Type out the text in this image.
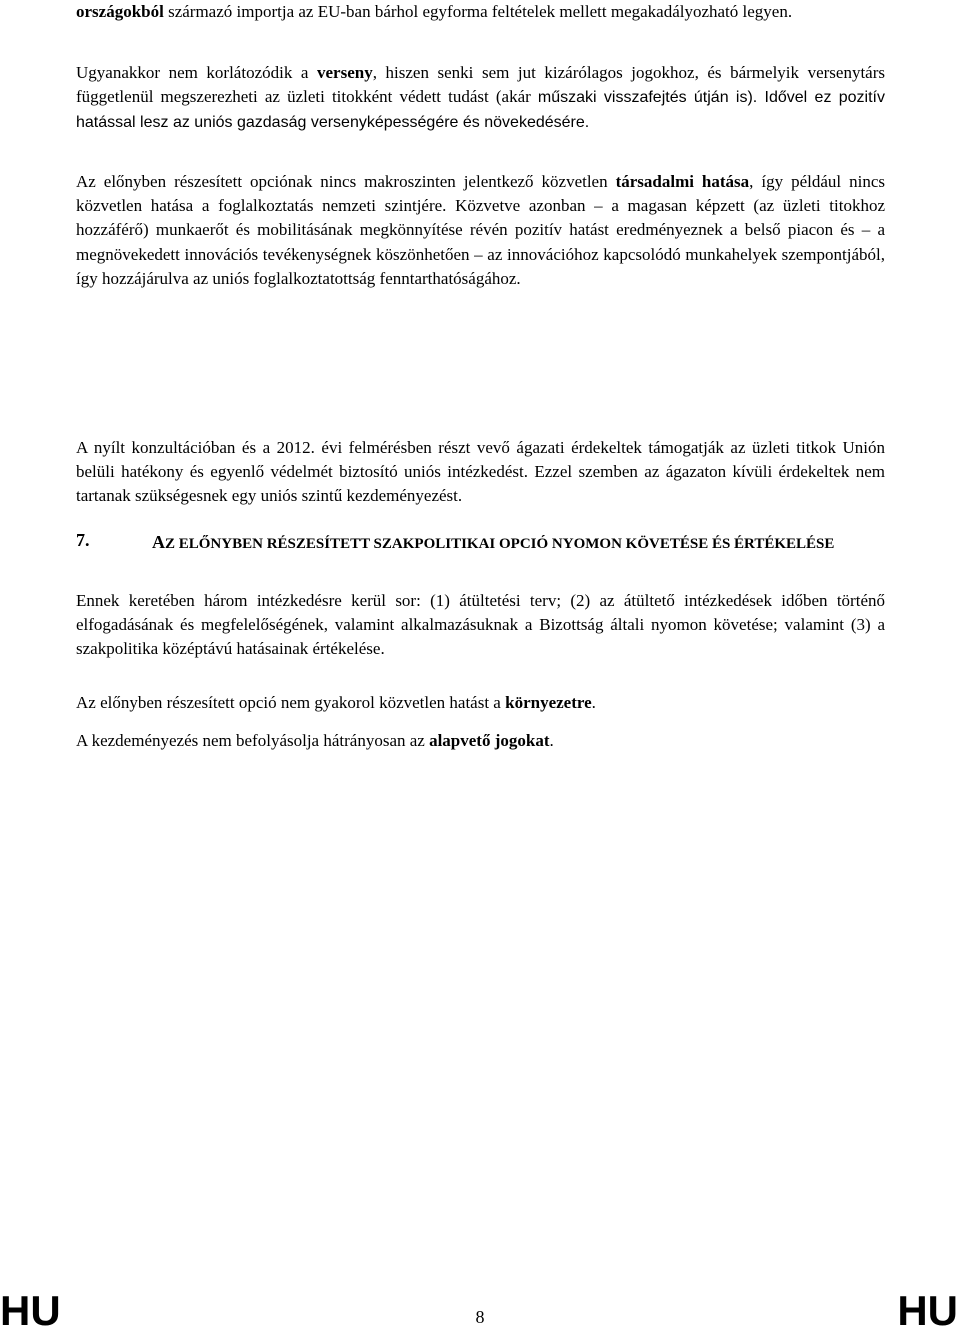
országokból származó importja az EU-ban bárhol egyforma feltételek mellett megakadályozható legyen.

Ugyanakkor nem korlátozódik a verseny, hiszen senki sem jut kizárólagos jogokhoz, és bármelyik versenytárs függetlenül megszerezheti az üzleti titokként védett tudást (akár műszaki visszafejtés útján is). Idővel ez pozitív hatással lesz az uniós gazdaság versenyképességére és növekedésére.

Az előnyben részesített opciónak nincs makroszinten jelentkező közvetlen társadalmi hatása, így például nincs közvetlen hatása a foglalkoztatás nemzeti szintjére. Közvetve azonban – a magasan képzett (az üzleti titokhoz hozzáférő) munkaerőt és mobilitásának megkönnyítése révén pozitív hatást eredményeznek a belső piacon és – a megnövekedett innovációs tevékenységnek köszönhetően – az innovációhoz kapcsolódó munkahelyek szempontjából, így hozzájárulva az uniós foglalkoztatottság fenntarthatóságához.

Az előnyben részesített opció nem gyakorol közvetlen hatást a környezetre.

A kezdeményezés nem befolyásolja hátrányosan az alapvető jogokat.

A nyílt konzultációban és a 2012. évi felmérésben részt vevő ágazati érdekeltek támogatják az üzleti titkok Unión belüli hatékony és egyenlő védelmét biztosító uniós intézkedést. Ezzel szemben az ágazaton kívüli érdekeltek nem tartanak szükségesnek egy uniós szintű kezdeményezést.

7.	AZ ELŐNYBEN RÉSZESÍTETT SZAKPOLITIKAI OPCIÓ NYOMON KÖVETÉSE ÉS ÉRTÉKELÉSE

Ennek keretében három intézkedésre kerül sor: (1) átültetési terv; (2) az átültető intézkedések időben történő elfogadásának és megfelelőségének, valamint alkalmazásuknak a Bizottság általi nyomon követése; valamint (3) a szakpolitika középtávú hatásainak értékelése.

HU	8	HU
